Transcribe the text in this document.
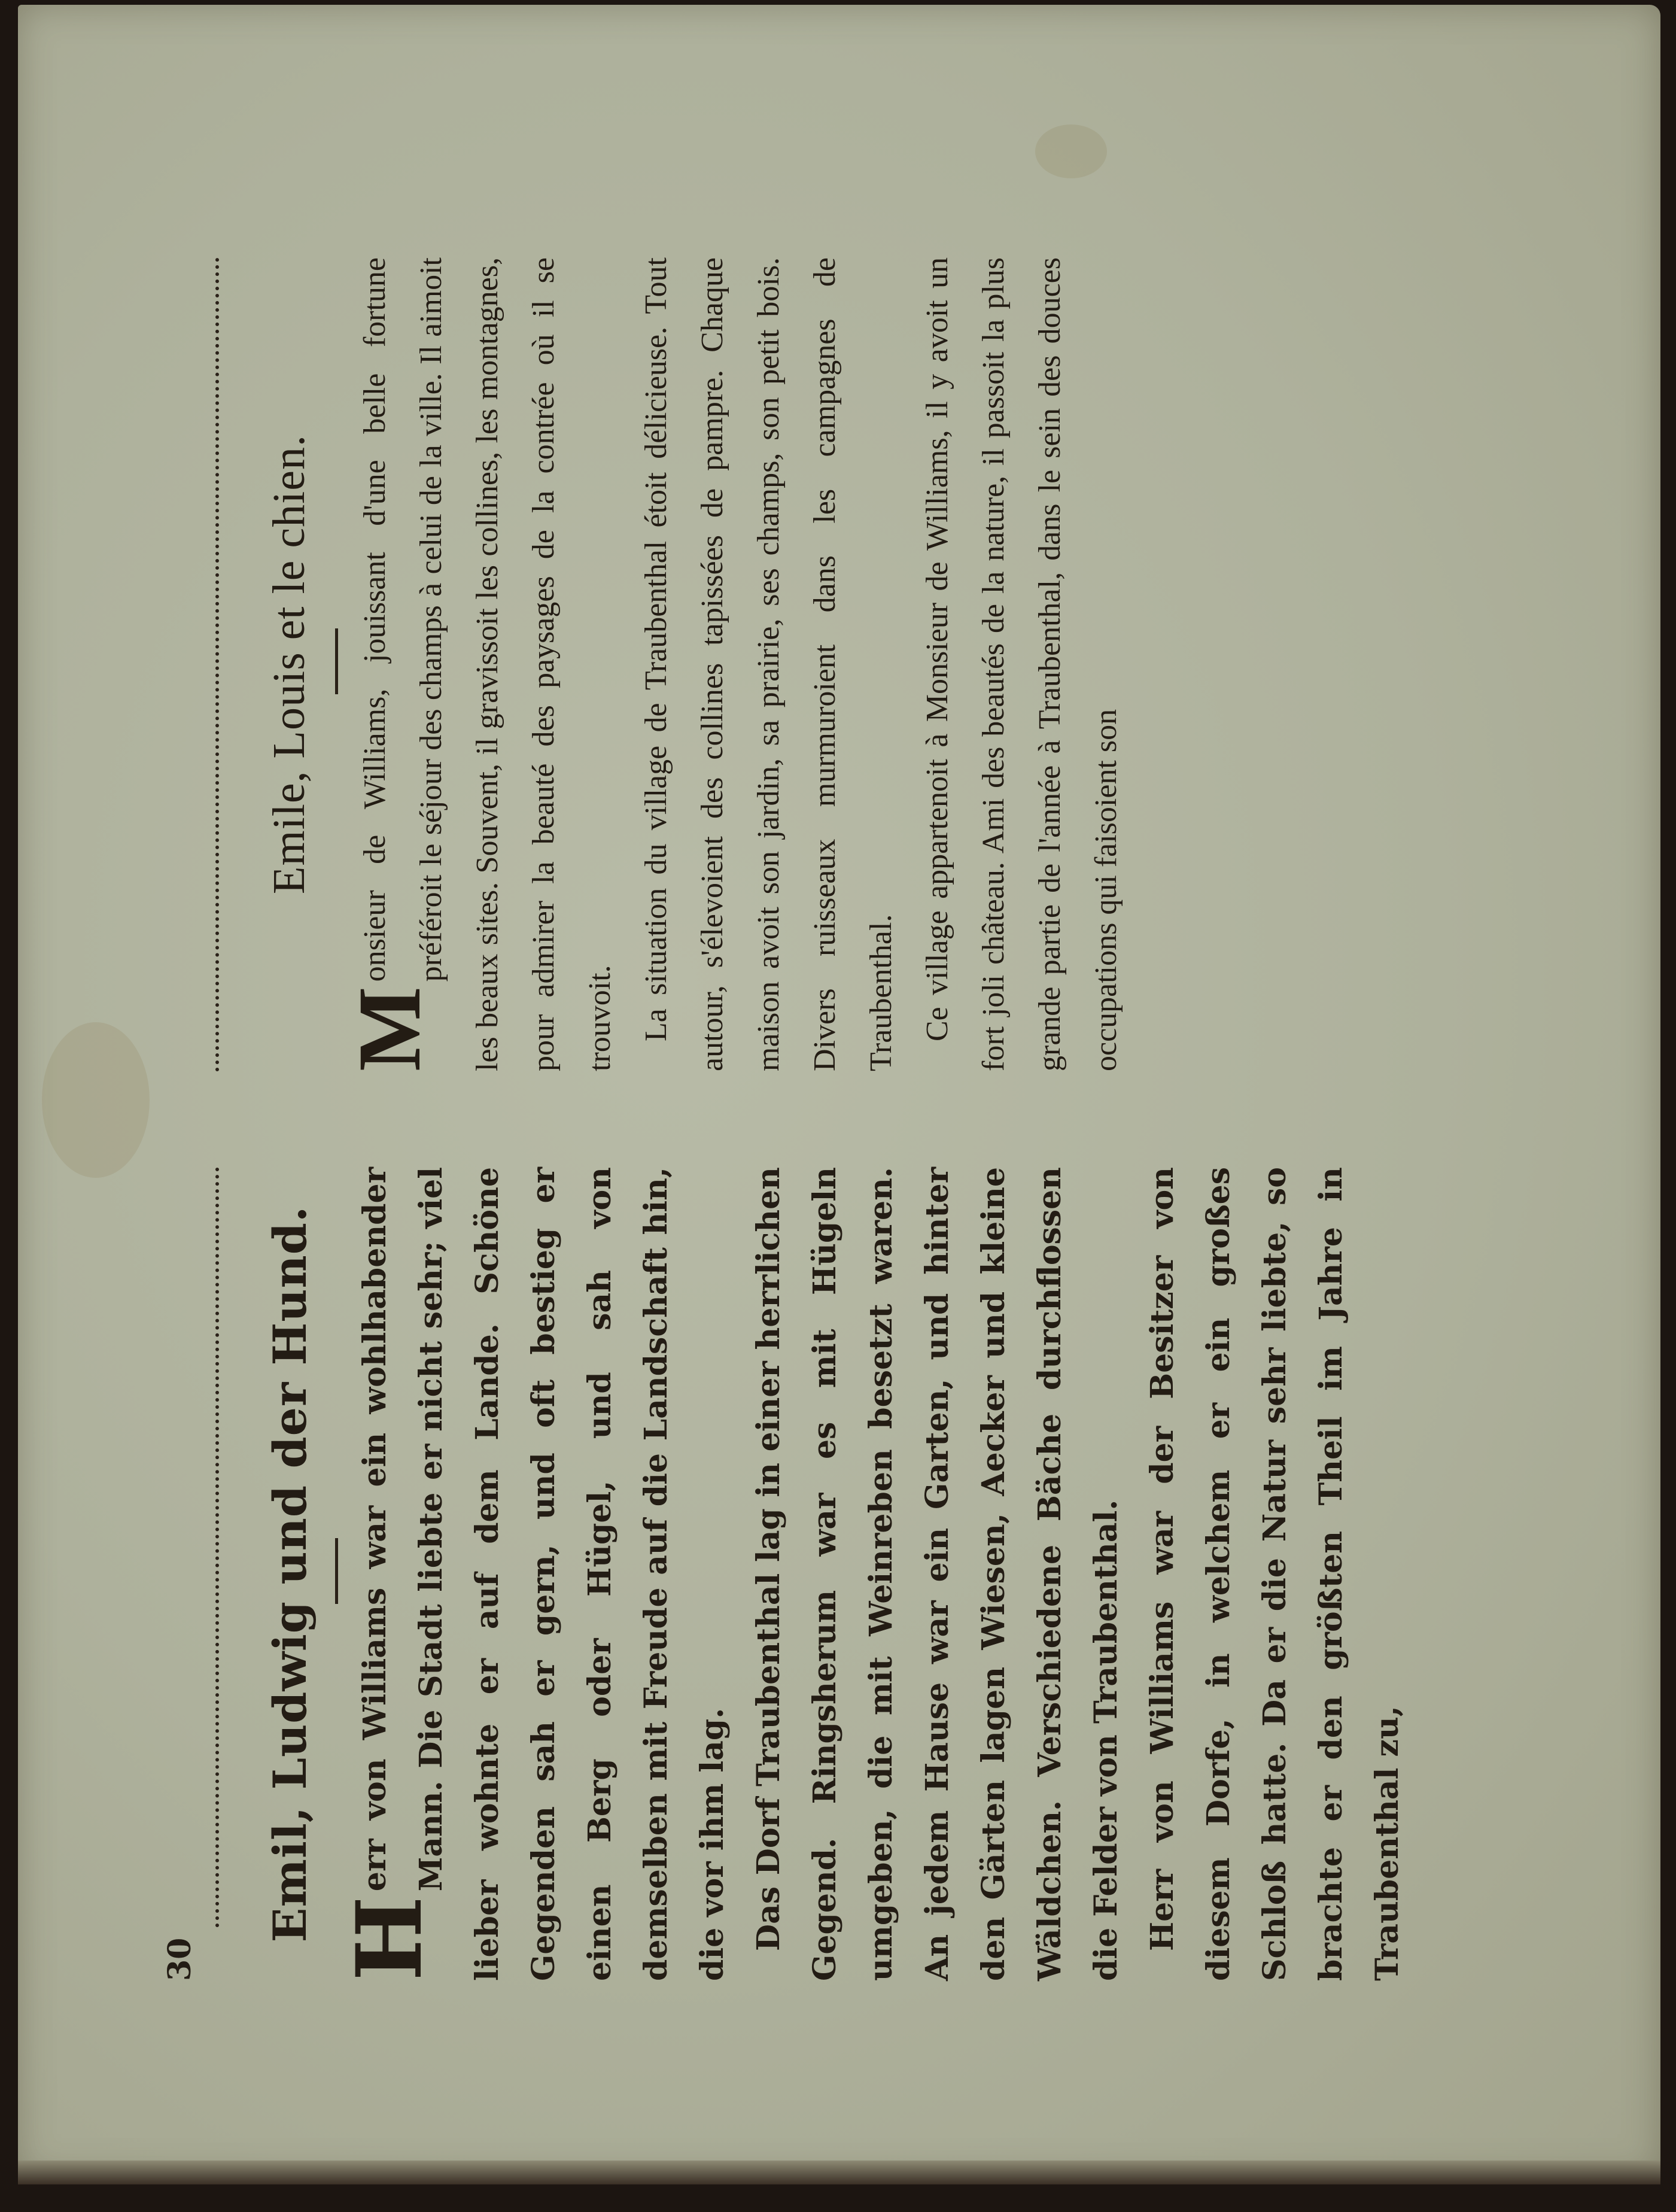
30
Emil, Ludwig und der Hund. H
err von Williams war ein wohlhabender Mann. Die Stadt liebte er nicht sehr; viel lieber wohnte er auf dem Lande. Schöne Gegenden sah er gern, und oft bestieg er einen Berg oder Hügel, und sah von demselben mit Freude auf die Landschaft hin, die vor ihm lag. Das Dorf Traubenthal lag in einer herrlichen Gegend. Ringsherum war es mit Hügeln umgeben, die mit Weinreben besetzt waren. An jedem Hause war ein Garten, und hinter den Gärten lagen Wiesen, Aecker und kleine Wäldchen. Verschiedene Bäche durchflossen die Felder von Traubenthal. Herr von Williams war der Besitzer von diesem Dorfe, in welchem er ein großes Schloß hatte. Da er die Natur sehr liebte, so brachte er den größten Theil im Jahre in Traubenthal zu,

Emile, Louis et le chien.

M
onsieur de Williams, jouissant d'une belle fortune préféroit le séjour des champs à celui de la ville. Il aimoit les beaux sites. Souvent, il gravissoit les collines, les montagnes, pour admirer la beauté des paysages de la contrée où il se trouvoit. La situation du village de Traubenthal étoit délicieuse. Tout autour, s'élevoient des collines tapissées de pampre. Chaque maison avoit son jardin, sa prairie, ses champs, son petit bois. Divers ruisseaux murmuroient dans les campagnes de Traubenthal. Ce village appartenoit à Monsieur de Williams, il y avoit un fort joli château. Ami des beautés de la nature, il passoit la plus grande partie de l'année à Traubenthal, dans le sein des douces occupations qui faisoient son
